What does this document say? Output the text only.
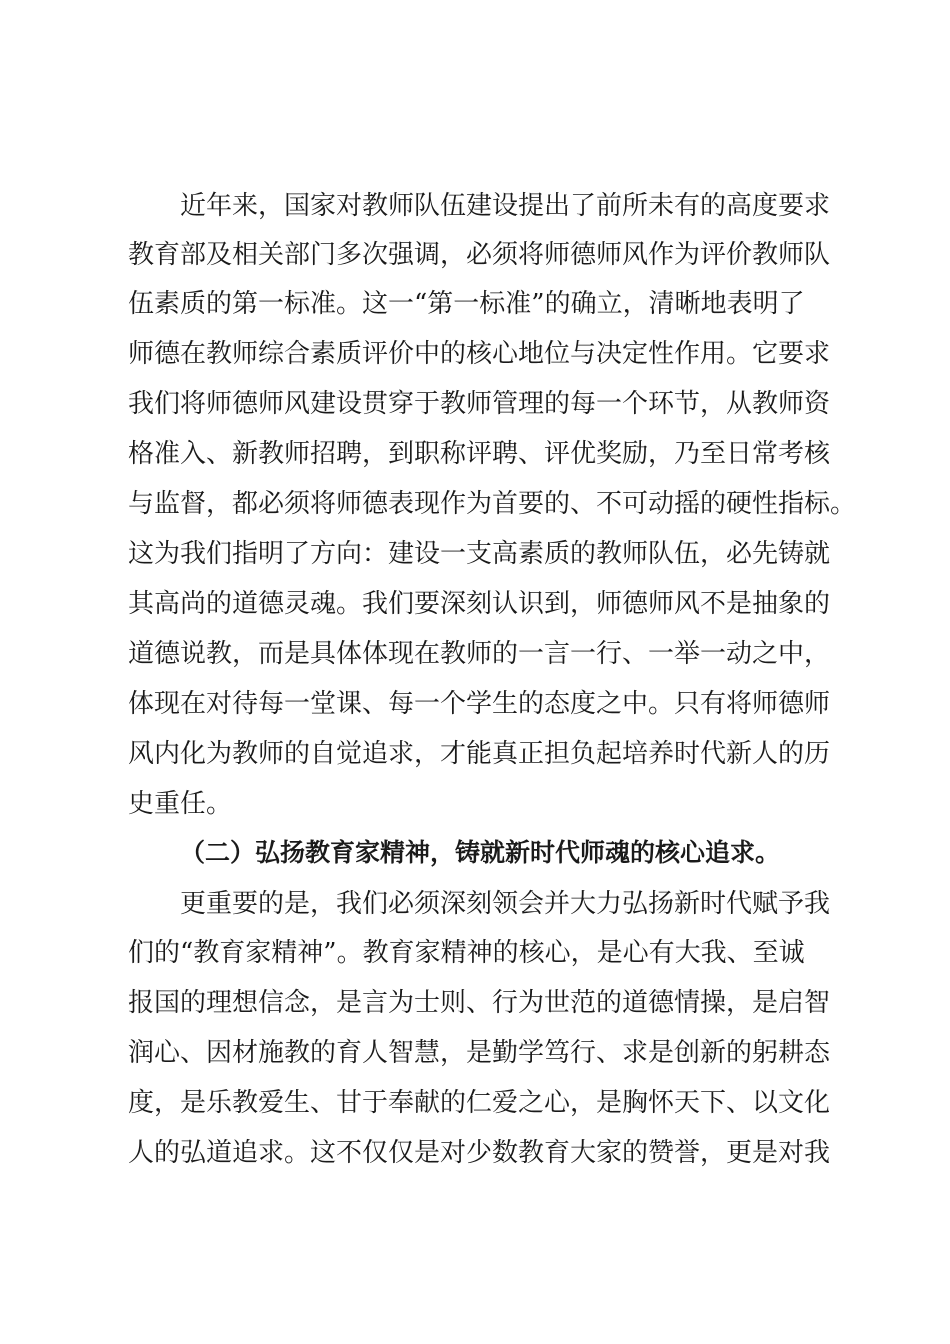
近年来，国家对教师队伍建设提出了前所未有的高度要求
教育部及相关部门多次强调，必须将师德师风作为评价教师队
伍素质的第一标准。这一“第一标准”的确立，清晰地表明了
师德在教师综合素质评价中的核心地位与决定性作用。它要求
我们将师德师风建设贯穿于教师管理的每一个环节，从教师资
格准入、新教师招聘，到职称评聘、评优奖励，乃至日常考核
与监督，都必须将师德表现作为首要的、不可动摇的硬性指标。
这为我们指明了方向：建设一支高素质的教师队伍，必先铸就
其高尚的道德灵魂。我们要深刻认识到，师德师风不是抽象的
道德说教，而是具体体现在教师的一言一行、一举一动之中，
体现在对待每一堂课、每一个学生的态度之中。只有将师德师
风内化为教师的自觉追求，才能真正担负起培养时代新人的历
史重任。
（二）弘扬教育家精神，铸就新时代师魂的核心追求。
更重要的是，我们必须深刻领会并大力弘扬新时代赋予我
们的“教育家精神”。教育家精神的核心，是心有大我、至诚
报国的理想信念，是言为士则、行为世范的道德情操，是启智
润心、因材施教的育人智慧，是勤学笃行、求是创新的躬耕态
度，是乐教爱生、甘于奉献的仁爱之心，是胸怀天下、以文化
人的弘道追求。这不仅仅是对少数教育大家的赞誉，更是对我
